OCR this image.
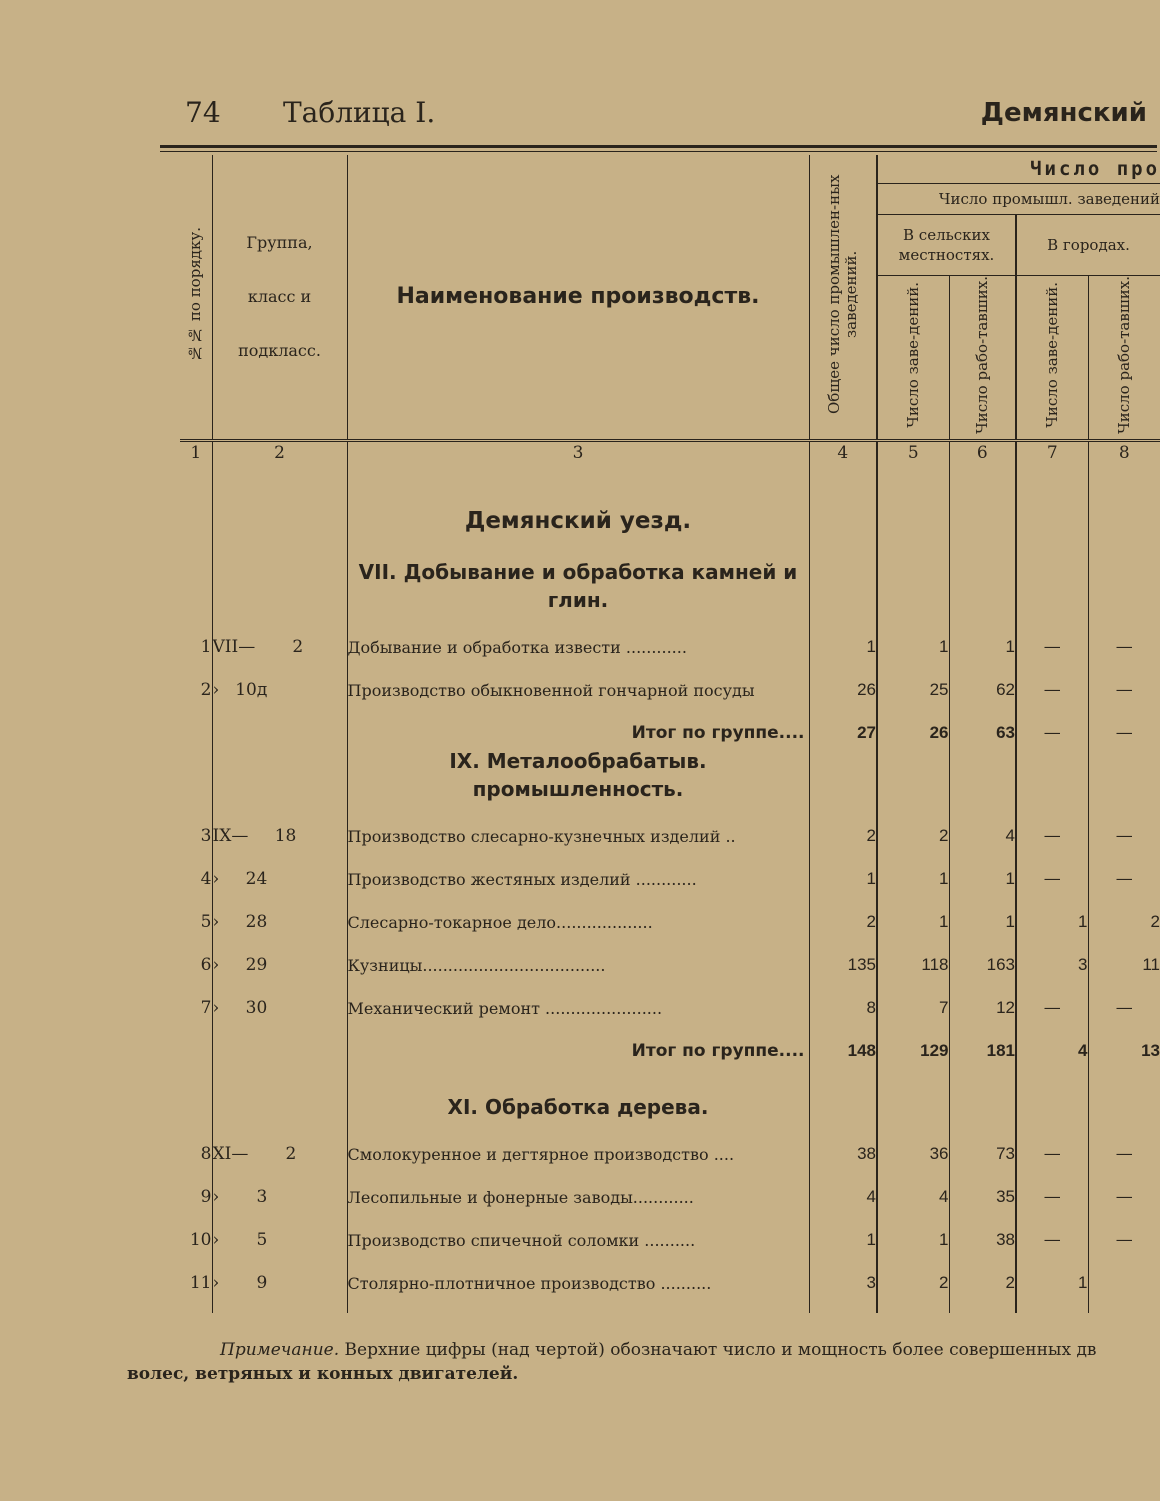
74 Таблица I.	Демянский
№№ по порядку.	Группа,
класс и
подкласс.	Наименование производств.	Общее число промышлен-ных заведений.	Число про			
				Число промышл. заведений			
				В сельских местностях.		В городах.	
				Число заве-дений.	Число рабо-тавших.	Число заве-дений.	Число рабо-тавших.
1	2	3	4	5	6	7	8
		Демянский уезд.					
		VII. Добывание и обработка камней и глин.					
1	VII— 2	Добывание и обработка извести ............	1	1	1	—	—
2	› 10д	Производство обыкновенной гончарной посуды	26	25	62	—	—
		Итог по группе....	27	26	63	—	—
		IX. Металообрабатыв. промышленность.					
3	IX— 18	Производство слесарно-кузнечных изделий ..	2	2	4	—	—
4	› 24	Производство жестяных изделий ............	1	1	1	—	—
5	› 28	Слесарно-токарное дело...................	2	1	1	1	2
6	› 29	Кузницы....................................	135	118	163	3	11
7	› 30	Механический ремонт .......................	8	7	12	—	—
		Итог по группе....	148	129	181	4	13
		XI. Обработка дерева.					
8	XI— 2	Смолокуренное и дегтярное производство ....	38	36	73	—	—
9	› 3	Лесопильные и фонерные заводы............	4	4	35	—	—
10	› 5	Производство спичечной соломки ..........	1	1	38	—	—
11	› 9	Столярно-плотничное производство ..........	3	2	2	1	

Примечание. Верхние цифры (над чертой) обозначают число и мощность более совершенных дв
волес, ветряных и конных двигателей.
